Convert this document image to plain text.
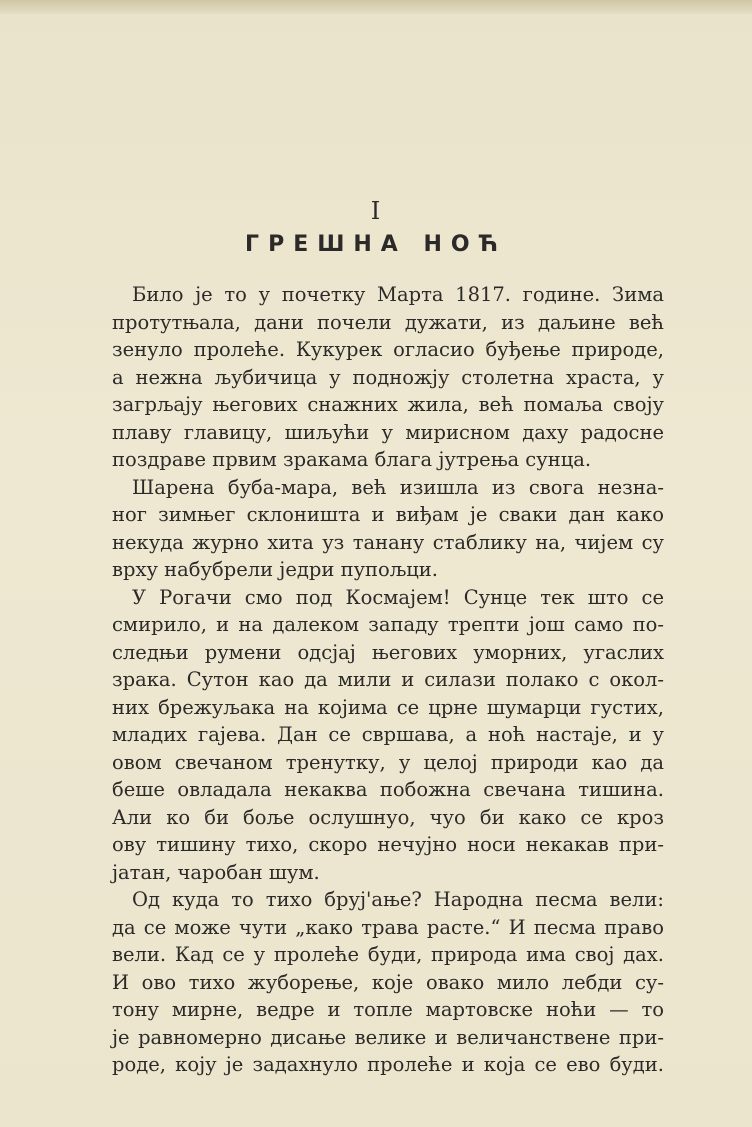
I
ГРЕШНА НОЋ
Било је то у почетку Марта 1817. године. Зима
протутњала, дани почели дужати, из даљине већ
зенуло пролеће. Кукурек огласио буђење природе,
а нежна љубичица у подножју столетна храста, у
загрљају његових снажних жила, већ помаља своју
плаву главицу, шиљући у мирисном даху радосне
поздраве првим зракама блага јутрења сунца.
Шарена буба-мара, већ изишла из свога незна-
ног зимњег склоништа и виђам је сваки дан како
некуда журно хита уз танану стаблику на, чијем су
врху набубрели једри пупољци.
У Рогачи смо под Космајем! Сунце тек што се
смирило, и на далеком западу трепти још само по-
следњи румени одсјај његових уморних, угаслих
зрака. Сутон као да мили и силази полако с окол-
них брежуљака на којима се црне шумарци густих,
младих гајева. Дан се свршава, а ноћ настаје, и у
овом свечаном тренутку, у целој природи као да
беше овладала некаква побожна свечана тишина.
Али ко би боље ослушнуо, чуо би како се кроз
ову тишину тихо, скоро нечујно носи некакав при-
јатан, чаробан шум.
Од куда то тихо бруј'ање? Народна песма вели:
да се може чути „како трава расте.“ И песма право
вели. Кад се у пролеће буди, природа има свој дах.
И ово тихо жуборење, које овако мило лебди су-
тону мирне, ведре и топле мартовске ноћи — то
је равномерно дисање велике и величанствене при-
роде, коју је задахнуло пролеће и која се ево буди.
